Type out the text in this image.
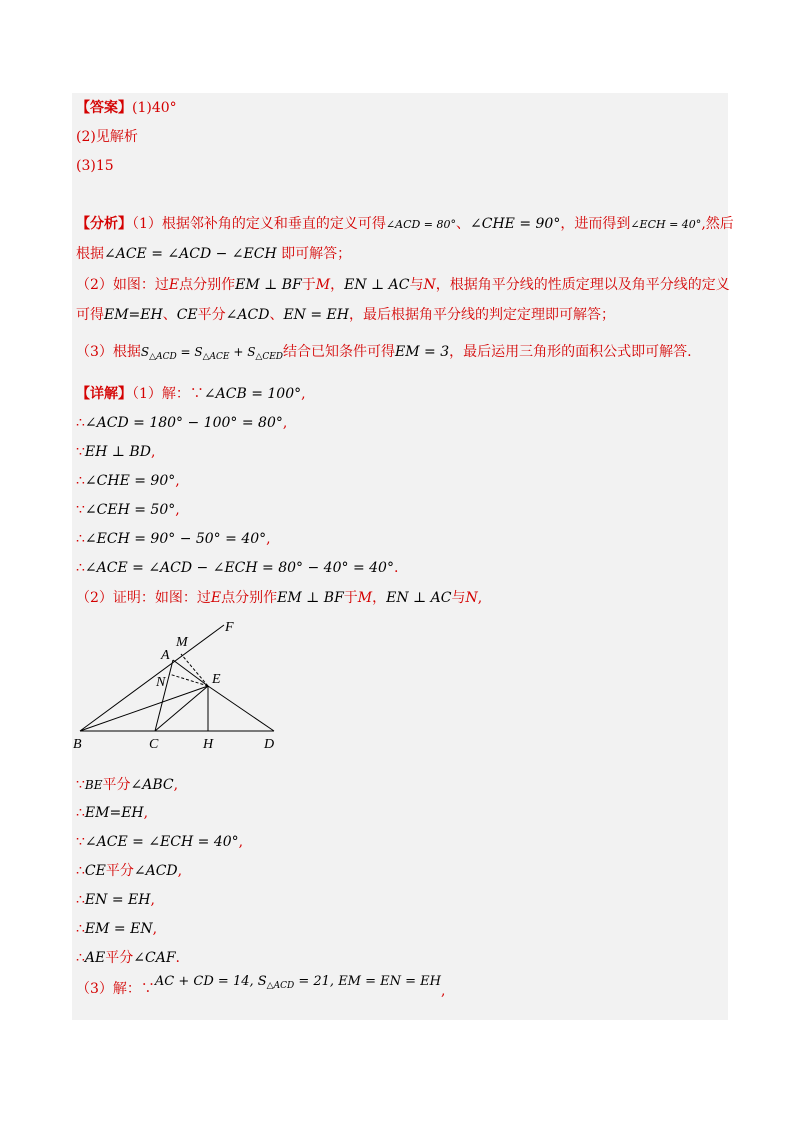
【答案】(1)40°
(2)见解析
(3)15
【分析】（1）根据邻补角的定义和垂直的定义可得∠ACD = 80°、∠CHE = 90°，进而得到∠ECH = 40°,然后
根据∠ACE = ∠ACD − ∠ECH 即可解答；
（2）如图：过E点分别作EM ⊥ BF于M，EN ⊥ AC与N，根据角平分线的性质定理以及角平分线的定义
可得EM=EH、CE平分∠ACD、EN = EH，最后根据角平分线的判定定理即可解答；
（3）根据$S_{\triangle ACD} = S_{\triangle ACE} + S_{\triangle CED}$结合已知条件可得EM = 3，最后运用三角形的面积公式即可解答.
【详解】（1）解：∵∠ACB = 100°,
∴∠ACD = 180° − 100° = 80°,
∵EH ⊥ BD,
∴∠CHE = 90°,
∵∠CEH = 50°,
∴∠ECH = 90° − 50° = 40°,
∴∠ACE = ∠ACD − ∠ECH = 80° − 40° = 40°.
（2）证明：如图：过E点分别作EM ⊥ BF于M，EN ⊥ AC与N,
A
M
F
N	E
B	C	H	D
∵BE平分∠ABC,
∴EM=EH,
∵∠ACE = ∠ECH = 40°,
∴CE平分∠ACD,
∴EN = EH,
∴EM = EN,
∴AE平分∠CAF.
（3）解：∵AC + CD = 14, $S_{\triangle ACD} = 21$, EM = EN = EH,
